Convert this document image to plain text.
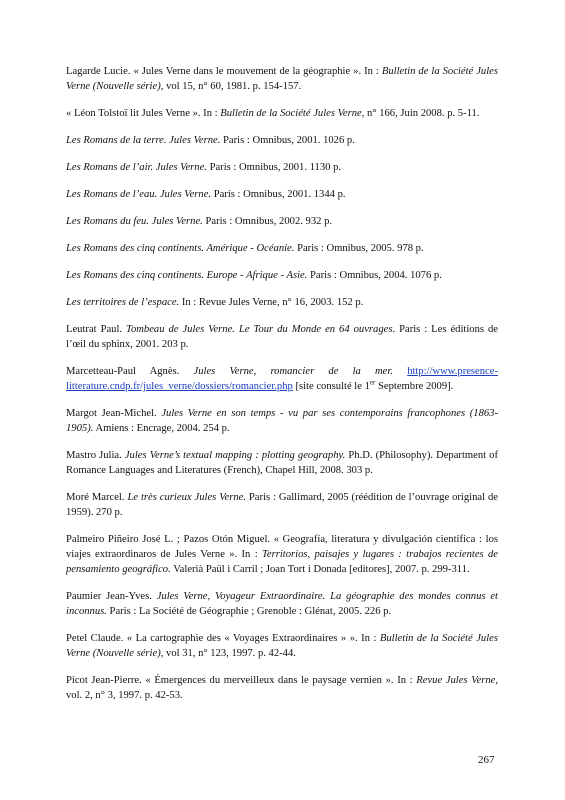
Lagarde Lucie. « Jules Verne dans le mouvement de la géographie ». In : Bulletin de la Société Jules Verne (Nouvelle série), vol 15, n° 60, 1981. p. 154-157.

« Léon Tolstoï lit Jules Verne ». In : Bulletin de la Société Jules Verne, n° 166, Juin 2008. p. 5-11.

Les Romans de la terre. Jules Verne. Paris : Omnibus, 2001. 1026 p.

Les Romans de l’air. Jules Verne. Paris : Omnibus, 2001. 1130 p.

Les Romans de l’eau. Jules Verne. Paris : Omnibus, 2001. 1344 p.

Les Romans du feu. Jules Verne. Paris : Omnibus, 2002. 932 p.

Les Romans des cinq continents. Amérique - Océanie. Paris : Omnibus, 2005. 978 p.

Les Romans des cinq continents. Europe - Afrique - Asie. Paris : Omnibus, 2004. 1076 p.

Les territoires de l’espace. In : Revue Jules Verne, n° 16, 2003. 152 p.

Leutrat Paul. Tombeau de Jules Verne. Le Tour du Monde en 64 ouvrages. Paris : Les éditions de l’œil du sphinx, 2001. 203 p.

Marcetteau-Paul Agnès. Jules Verne, romancier de la mer. http://www.presence-litterature.cndp.fr/jules_verne/dossiers/romancier.php [site consulté le 1er Septembre 2009].

Margot Jean-Michel. Jules Verne en son temps - vu par ses contemporains francophones (1863-1905). Amiens : Encrage, 2004. 254 p.

Mastro Julia. Jules Verne’s textual mapping : plotting geography. Ph.D. (Philosophy). Department of Romance Languages and Literatures (French), Chapel Hill, 2008. 303 p.

Moré Marcel. Le très curieux Jules Verne. Paris : Gallimard, 2005 (réédition de l’ouvrage original de 1959). 270 p.

Palmeiro Piñeiro José L. ; Pazos Otón Miguel. « Geografía, literatura y divulgación científica : los viajes extraordinaros de Jules Verne ». In : Territorios, paisajes y lugares : trabajos recientes de pensamiento geográfico. Valerià Paül i Carril ; Joan Tort i Donada [editores], 2007. p. 299-311.

Paumier Jean-Yves. Jules Verne, Voyageur Extraordinaire. La géographie des mondes connus et inconnus. Paris : La Société de Géographie ; Grenoble : Glénat, 2005. 226 p.

Petel Claude. « La cartographie des « Voyages Extraordinaires » ». In : Bulletin de la Société Jules Verne (Nouvelle série), vol 31, n° 123, 1997. p. 42-44.

Picot Jean-Pierre. « Émergences du merveilleux dans le paysage vernien ». In : Revue Jules Verne, vol. 2, n° 3, 1997. p. 42-53.

267
